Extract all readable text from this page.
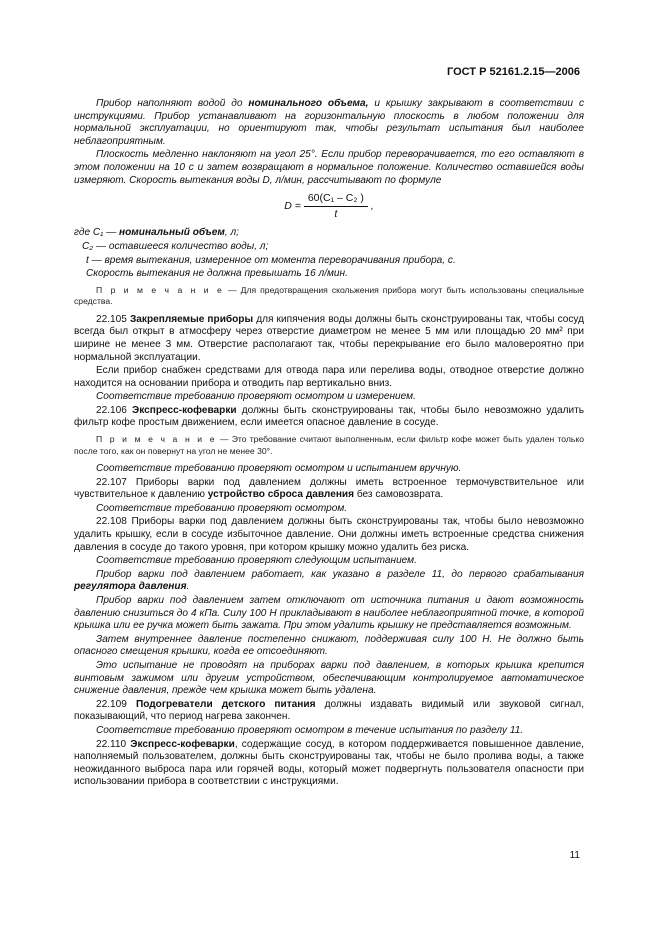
ГОСТ Р 52161.2.15—2006

Прибор наполняют водой до номинального объема, и крышку закрывают в соответствии с инструкциями. Прибор устанавливают на горизонтальную плоскость в любом положении для нормальной эксплуатации, но ориентируют так, чтобы результат испытания был наиболее неблагоприятным.

Плоскость медленно наклоняют на угол 25°. Если прибор переворачивается, то его оставляют в этом положении на 10 с и затем возвращают в нормальное положение. Количество оставшейся воды измеряют. Скорость вытекания воды D, л/мин, рассчитывают по формуле

$D = \frac{\text{60(C₁ – C₂ )}}{t}$ ,

где C₁ — номинальный объем, л;

C₂ — оставшееся количество воды, л;

t — время вытекания, измеренное от момента переворачивания прибора, с.

Скорость вытекания не должна превышать 16 л/мин.

П р и м е ч а н и е — Для предотвращения скольжения прибора могут быть использованы специальные средства.

22.105 Закрепляемые приборы для кипячения воды должны быть сконструированы так, чтобы сосуд всегда был открыт в атмосферу через отверстие диаметром не менее 5 мм или площадью 20 мм² при ширине не менее 3 мм. Отверстие располагают так, чтобы перекрывание его было маловероятно при нормальной эксплуатации.

Если прибор снабжен средствами для отвода пара или перелива воды, отводное отверстие должно находится на основании прибора и отводить пар вертикально вниз.

Соответствие требованию проверяют осмотром и измерением.

22.106 Экспресс-кофеварки должны быть сконструированы так, чтобы было невозможно удалить фильтр кофе простым движением, если имеется опасное давление в сосуде.

П р и м е ч а н и е — Это требование считают выполненным, если фильтр кофе может быть удален только после того, как он повернут на угол не менее 30°.

Соответствие требованию проверяют осмотром и испытанием вручную.

22.107 Приборы варки под давлением должны иметь встроенное термочувствительное или чувствительное к давлению устройство сброса давления без самовозврата.

Соответствие требованию проверяют осмотром.

22.108 Приборы варки под давлением должны быть сконструированы так, чтобы было невозможно удалить крышку, если в сосуде избыточное давление. Они должны иметь встроенные средства снижения давления в сосуде до такого уровня, при котором крышку можно удалить без риска.

Соответствие требованию проверяют следующим испытанием.

Прибор варки под давлением работает, как указано в разделе 11, до первого срабатывания регулятора давления.

Прибор варки под давлением затем отключают от источника питания и дают возможность давлению снизиться до 4 кПа. Силу 100 Н прикладывают в наиболее неблагоприятной точке, в которой крышка или ее ручка может быть зажата. При этом удалить крышку не представляется возможным.

Затем внутреннее давление постепенно снижают, поддерживая силу 100 Н. Не должно быть опасного смещения крышки, когда ее отсоединяют.

Это испытание не проводят на приборах варки под давлением, в которых крышка крепится винтовым зажимом или другим устройством, обеспечивающим контролируемое автоматическое снижение давления, прежде чем крышка может быть удалена.

22.109 Подогреватели детского питания должны издавать видимый или звуковой сигнал, показывающий, что период нагрева закончен.

Соответствие требованию проверяют осмотром в течение испытания по разделу 11.

22.110 Экспресс-кофеварки, содержащие сосуд, в котором поддерживается повышенное давление, наполняемый пользователем, должны быть сконструированы так, чтобы не было пролива воды, а также неожиданного выброса пара или горячей воды, который может подвергнуть пользователя опасности при использовании прибора в соответствии с инструкциями.

11
